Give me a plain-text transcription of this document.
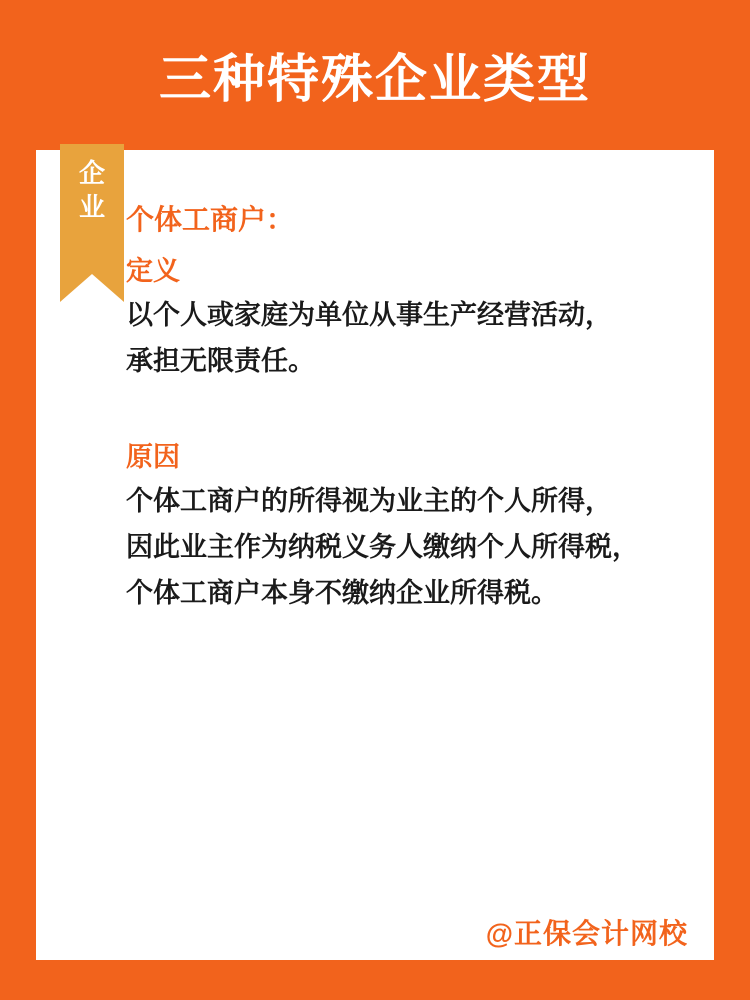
三种特殊企业类型
企
业 个体工商户：
定义
以个人或家庭为单位从事生产经营活动，
承担无限责任。
原因
个体工商户的所得视为业主的个人所得，
因此业主作为纳税义务人缴纳个人所得税，
个体工商户本身不缴纳企业所得税。
@正保会计网校
